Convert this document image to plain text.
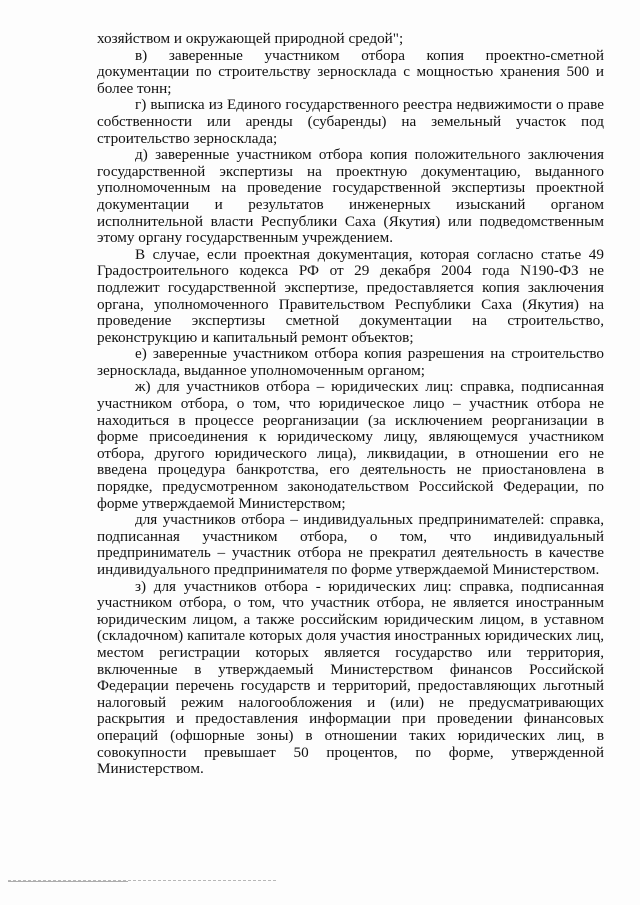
хозяйством и окружающей природной средой";

в) заверенные участником отбора копия проектно-сметной документации по строительству зерносклада с мощностью хранения 500 и более тонн;

г) выписка из Единого государственного реестра недвижимости о праве собственности или аренды (субаренды) на земельный участок под строительство зерносклада;

д) заверенные участником отбора копия положительного заключения государственной экспертизы на проектную документацию, выданного уполномоченным на проведение государственной экспертизы проектной документации и результатов инженерных изысканий органом исполнительной власти Республики Саха (Якутия) или подведомственным этому органу государственным учреждением.

В случае, если проектная документация, которая согласно статье 49 Градостроительного кодекса РФ от 29 декабря 2004 года N190-ФЗ не подлежит государственной экспертизе, предоставляется копия заключения органа, уполномоченного Правительством Республики Саха (Якутия) на проведение экспертизы сметной документации на строительство, реконструкцию и капитальный ремонт объектов;

е) заверенные участником отбора копия разрешения на строительство зерносклада, выданное уполномоченным органом;

ж) для участников отбора – юридических лиц: справка, подписанная участником отбора, о том, что юридическое лицо – участник отбора не находиться в процессе реорганизации (за исключением реорганизации в форме присоединения к юридическому лицу, являющемуся участником отбора, другого юридического лица), ликвидации, в отношении его не введена процедура банкротства, его деятельность не приостановлена в порядке, предусмотренном законодательством Российской Федерации, по форме утверждаемой Министерством;

для участников отбора – индивидуальных предпринимателей: справка, подписанная участником отбора, о том, что индивидуальный предприниматель – участник отбора не прекратил деятельность в качестве индивидуального предпринимателя по форме утверждаемой Министерством.

з) для участников отбора - юридических лиц: справка, подписанная участником отбора, о том, что участник отбора, не является иностранным юридическим лицом, а также российским юридическим лицом, в уставном (складочном) капитале которых доля участия иностранных юридических лиц, местом регистрации которых является государство или территория, включенные в утверждаемый Министерством финансов Российской Федерации перечень государств и территорий, предоставляющих льготный налоговый режим налогообложения и (или) не предусматривающих раскрытия и предоставления информации при проведении финансовых операций (офшорные зоны) в отношении таких юридических лиц, в совокупности превышает 50 процентов, по форме, утвержденной Министерством.
